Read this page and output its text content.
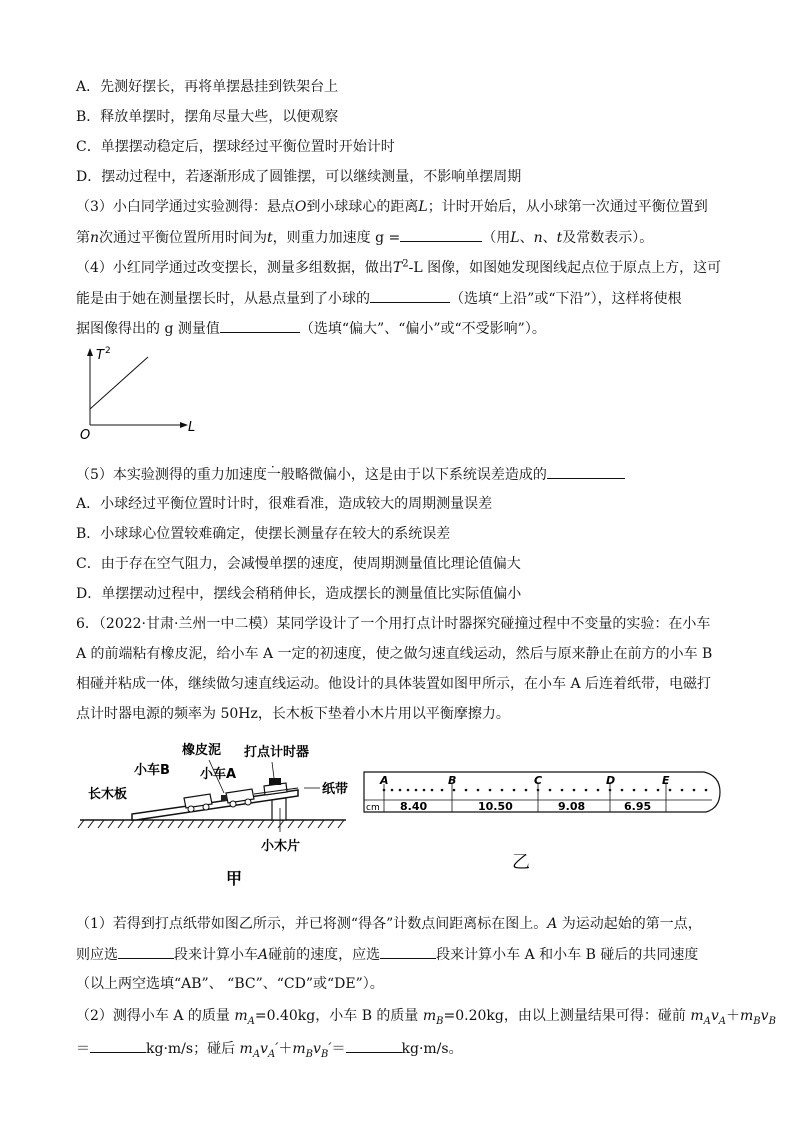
A．先测好摆长，再将单摆悬挂到铁架台上
B．释放单摆时，摆角尽量大些，以便观察
C．单摆摆动稳定后，摆球经过平衡位置时开始计时
D．摆动过程中，若逐渐形成了圆锥摆，可以继续测量，不影响单摆周期
（3）小白同学通过实验测得：悬点O到小球球心的距离L；计时开始后，从小球第一次通过平衡位置到
第n次通过平衡位置所用时间为t，则重力加速度 g =	（用L、n、t及常数表示）。
（4）小红同学通过改变摆长，测量多组数据，做出$T^2-L$ 图像，如图她发现图线起点位于原点上方，这可
能是由于她在测量摆长时，从悬点量到了小球的	（选填“上沿”或“下沿”），这样将使根
据图像得出的 g 测量值	（选填“偏大”、“偏小”或“不受影响”）。
T 2
L
O
（5）本实验测得的重力加速度一般略微偏小，这是由于以下系统误差造成的
A．小球经过平衡位置时计时，很难看准，造成较大的周期测量误差
B．小球球心位置较难确定，使摆长测量存在较大的系统误差
C．由于存在空气阻力，会减慢单摆的速度，使周期测量值比理论值偏大
D．单摆摆动过程中，摆线会稍稍伸长，造成摆长的测量值比实际值偏小
6．（2022·甘肃·兰州一中二模）某同学设计了一个用打点计时器探究碰撞过程中不变量的实验：在小车
A 的前端粘有橡皮泥，给小车 A 一定的初速度，使之做匀速直线运动，然后与原来静止在前方的小车 B
相碰并粘成一体，继续做匀速直线运动。他设计的具体装置如图甲所示，在小车 A 后连着纸带，电磁打
点计时器电源的频率为 50Hz，长木板下垫着小木片用以平衡摩擦力。
橡皮泥 打点计时器
小车B 小车A
长木板	纸带
小木片
甲
A	B	C	D	E
cm 8.40	10.50	9.08	6.95
乙
（1）若得到打点纸带如图乙所示，并已将测“得各”计数点间距离标在图上。A 为运动起始的第一点，
则应选	段来计算小车A碰前的速度，应选	段来计算小车 A 和小车 B 碰后的共同速度
（以上两空选填“AB”、 “BC”、“CD”或“DE”）。
（2）测得小车 A 的质量 $m_A=0.40kg$，小车 B 的质量 $m_B=0.20kg$，由以上测量结果可得：碰前 $m_Av_A+m_Bv_B$
＝	kg·m/s；碰后 $m_Av_A'+m_Bv_B'=$	kg·m/s。
